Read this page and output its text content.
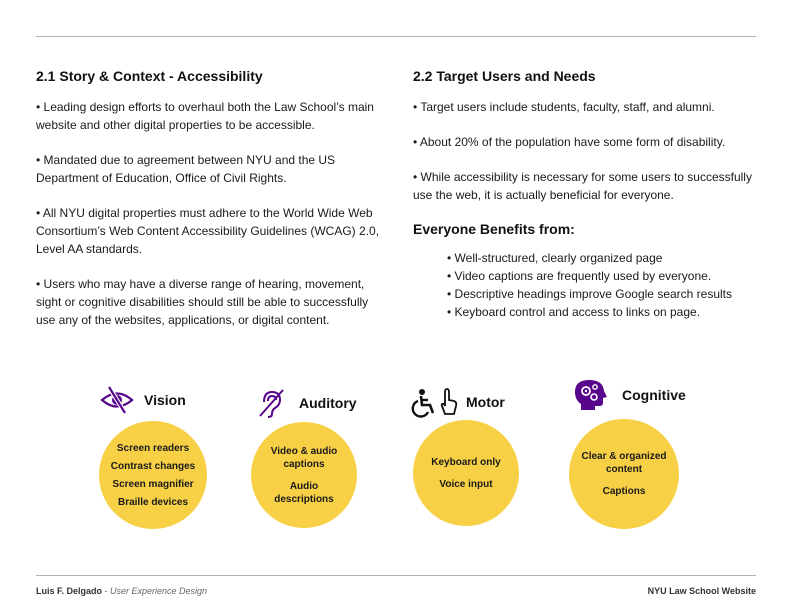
2.1 Story & Context - Accessibility

• Leading design efforts to overhaul both the Law School’s main website and other digital properties to be accessible.

• Mandated due to agreement between NYU and the US Department of Education, Office of Civil Rights.

• All NYU digital properties must adhere to the World Wide Web Consortium’s Web Content Accessibility Guidelines (WCAG) 2.0, Level AA standards.

• Users who may have a diverse range of hearing, movement, sight or cognitive disabilities should still be able to successfully use any of the websites, applications, or digital content.

2.2 Target Users and Needs

• Target users include students, faculty, staff, and alumni.

• About 20% of the population have some form of disability.

• While accessibility is necessary for some users to successfully use the web, it is actually beneficial for everyone.

Everyone Benefits from:
• Well-structured, clearly organized page
• Video captions are frequently used by everyone.
• Descriptive headings improve Google search results
• Keyboard control and access to links on page.
Vision
Screen readers
Contrast changes
Screen magnifier
Braille devices
Auditory
Video & audio captions
Audio descriptions
Motor
Keyboard only
Voice input
Cognitive
Clear & organized content
Captions
Luis F. Delgado - User Experience Design	NYU Law School Website
